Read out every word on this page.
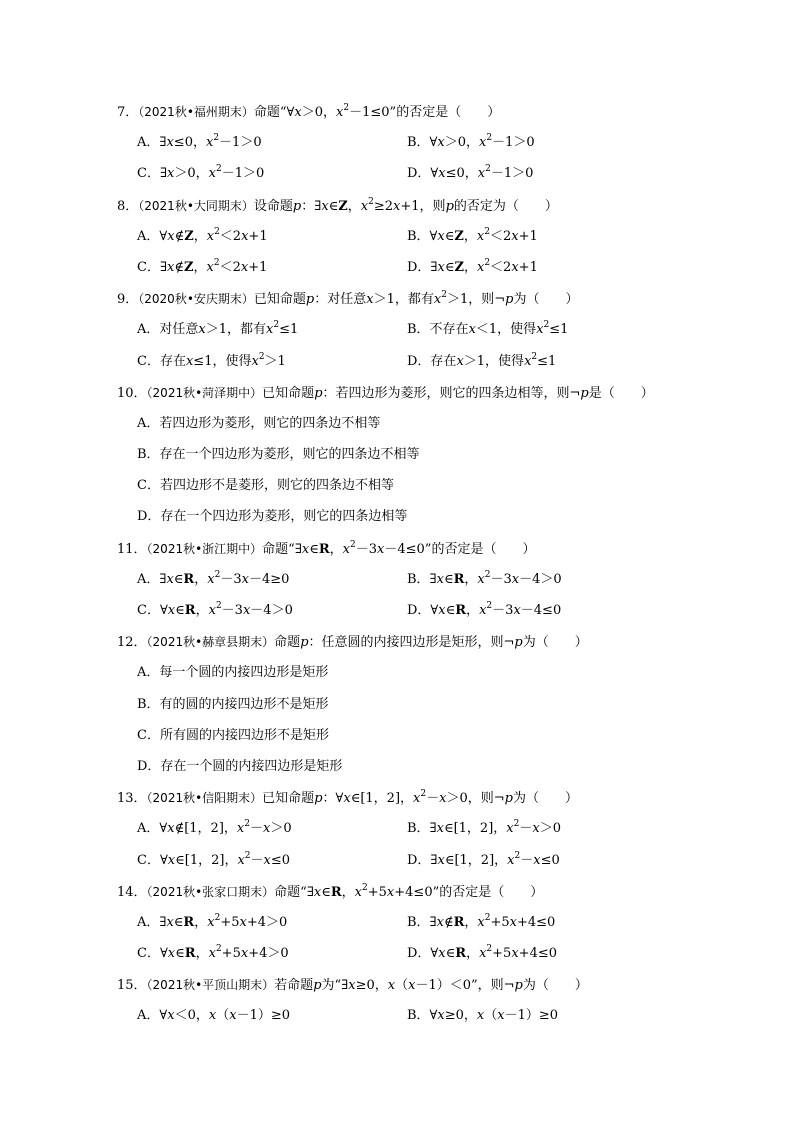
7．（2021秋•福州期末）命题“∀x＞0，$x^2-1\le 0$”的否定是（　　）
A．∃x≤0，$x^2-1>0$	B．∀x＞0，$x^2-1>0$
C．∃x＞0，$x^2-1>0$	D．∀x≤0，$x^2-1>0$
8．（2021秋•大同期末）设命题p：∃x∈Z，$x^2\ge 2x+1$，则p的否定为（　　）
A．∀x∉Z，$x^2<2x+1$	B．∀x∈Z，$x^2<2x+1$
C．∃x∉Z，$x^2<2x+1$	D．∃x∈Z，$x^2<2x+1$
9．（2020秋•安庆期末）已知命题p：对任意x＞1，都有$x^2>1$，则¬p为（　　）
A．对任意x＞1，都有$x^2\le 1$	B．不存在x＜1，使得$x^2\le 1$
C．存在x≤1，使得$x^2>1$	D．存在x＞1，使得$x^2\le 1$
10．（2021秋•菏泽期中）已知命题p：若四边形为菱形，则它的四条边相等，则¬p是（　　）
A．若四边形为菱形，则它的四条边不相等
B．存在一个四边形为菱形，则它的四条边不相等
C．若四边形不是菱形，则它的四条边不相等
D．存在一个四边形为菱形，则它的四条边相等
11．（2021秋•浙江期中）命题“∃x∈R，$x^2-3x-4\le 0$”的否定是（　　）
A．∃x∈R，$x^2-3x-4\ge 0$	B．∃x∈R，$x^2-3x-4>0$
C．∀x∈R，$x^2-3x-4>0$	D．∀x∈R，$x^2-3x-4\le 0$
12．（2021秋•赫章县期末）命题p：任意圆的内接四边形是矩形，则¬p为（　　）
A．每一个圆的内接四边形是矩形
B．有的圆的内接四边形不是矩形
C．所有圆的内接四边形不是矩形
D．存在一个圆的内接四边形是矩形
13．（2021秋•信阳期末）已知命题p：∀x∈[1，2]，$x^2-x>0$，则¬p为（　　）
A．∀x∉[1，2]，$x^2-x>0$	B．∃x∈[1，2]，$x^2-x>0$
C．∀x∈[1，2]，$x^2-x\le 0$	D．∃x∈[1，2]，$x^2-x\le 0$
14．（2021秋•张家口期末）命题“∃x∈R，$x^2+5x+4\le 0$”的否定是（　　）
A．∃x∈R，$x^2+5x+4>0$	B．∃x∉R，$x^2+5x+4\le 0$
C．∀x∈R，$x^2+5x+4>0$	D．∀x∈R，$x^2+5x+4\le 0$
15．（2021秋•平顶山期末）若命题p为“∃x≥0，x（x－1）＜0”，则¬p为（　　）
A．∀x＜0，x（x－1）≥0	B．∀x≥0，x（x－1）≥0
